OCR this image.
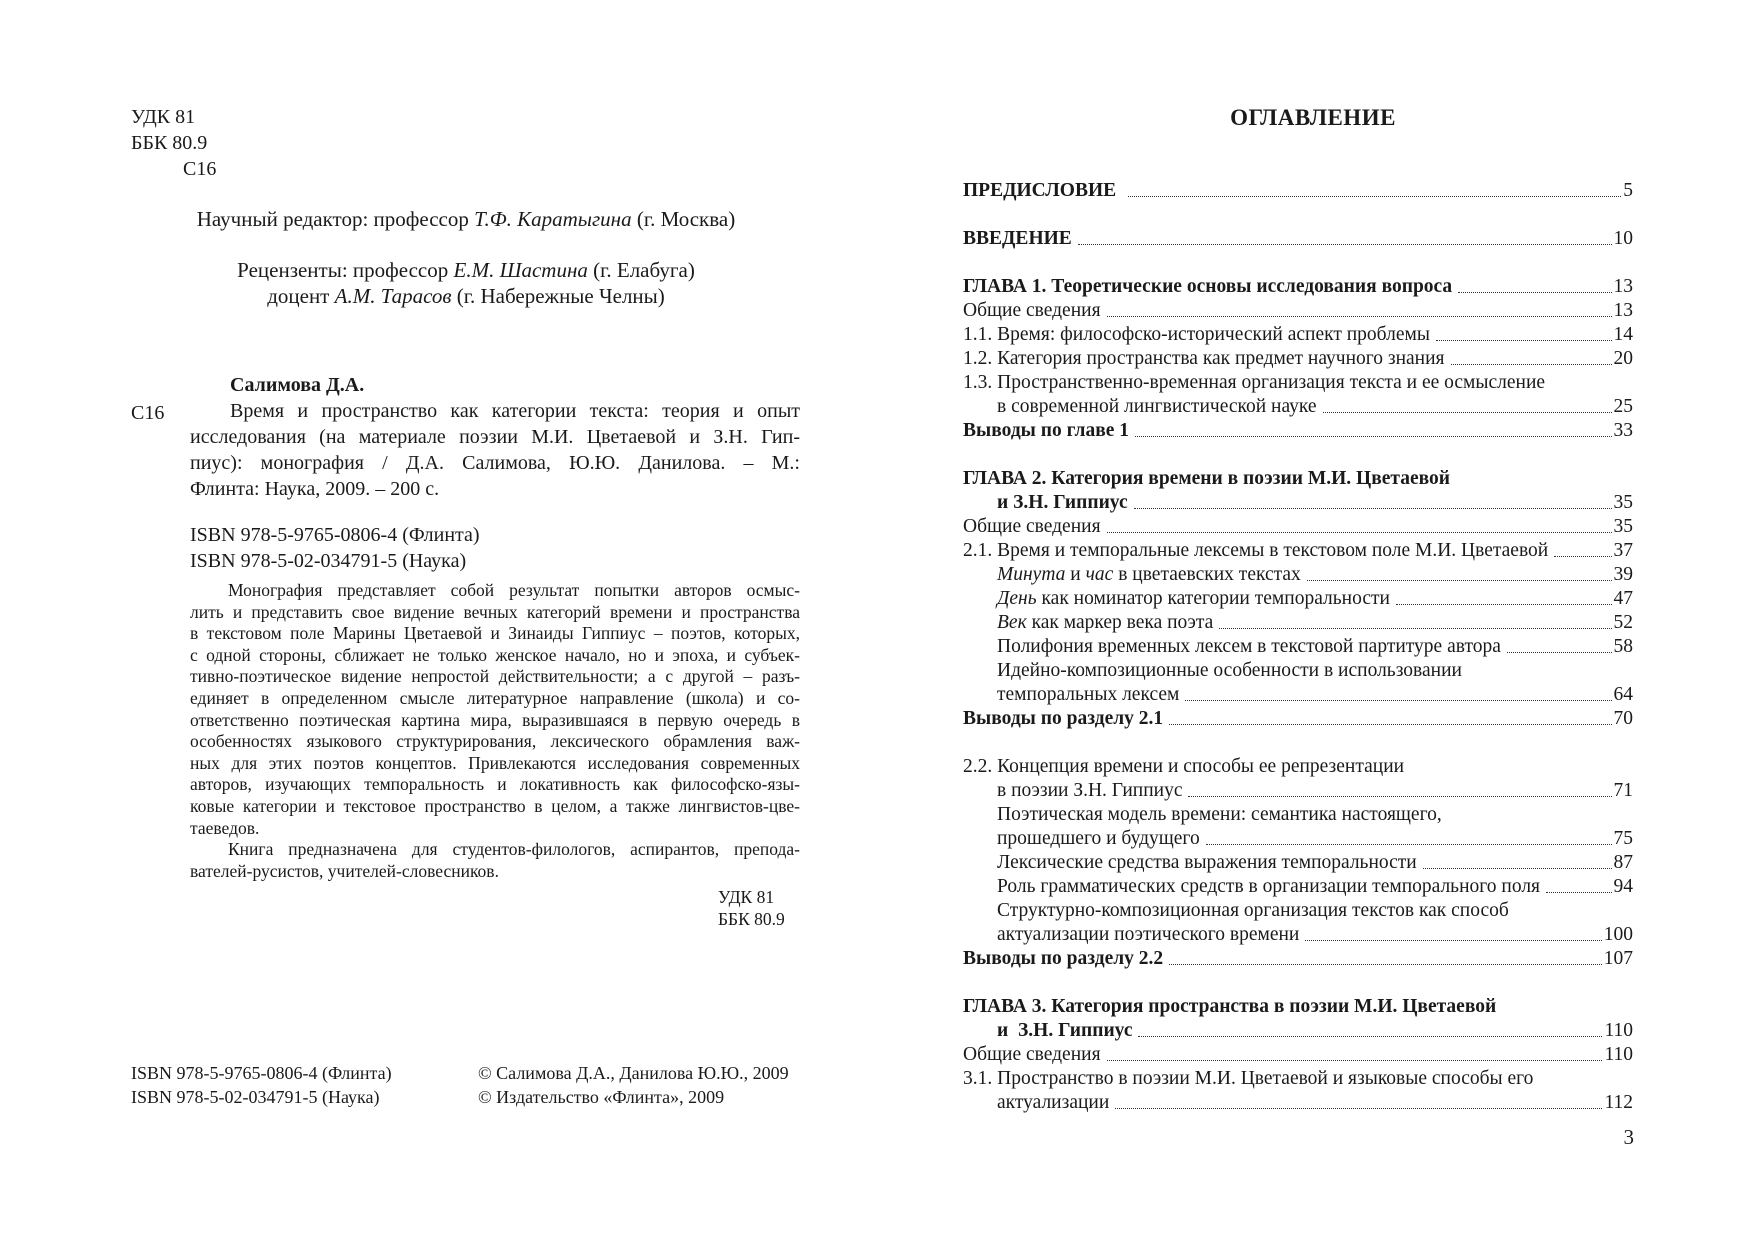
УДК 81
ББК 80.9
С16
Научный редактор: профессор Т.Ф. Каратыгина (г. Москва)
Рецензенты: профессор Е.М. Шастина (г. Елабуга)
доцент А.М. Тарасов (г. Набережные Челны)
Салимова Д.А.
С16	Время и пространство как категории текста: теория и опыт
исследования (на материале поэзии М.И. Цветаевой и З.Н. Гип-
пиус): монография / Д.А. Салимова, Ю.Ю. Данилова. – М.:
Флинта: Наука, 2009. – 200 с.
ISBN 978-5-9765-0806-4 (Флинта)
ISBN 978-5-02-034791-5 (Наука)
Монография представляет собой результат попытки авторов осмыс-
лить и представить свое видение вечных категорий времени и пространства
в текстовом поле Марины Цветаевой и Зинаиды Гиппиус – поэтов, которых,
с одной стороны, сближает не только женское начало, но и эпоха, и субъек-
тивно-поэтическое видение непростой действительности; а с другой – разъ-
единяет в определенном смысле литературное направление (школа) и со-
ответственно поэтическая картина мира, выразившаяся в первую очередь в
особенностях языкового структурирования, лексического обрамления важ-
ных для этих поэтов концептов. Привлекаются исследования современных
авторов, изучающих темпоральность и локативность как философско-язы-
ковые категории и текстовое пространство в целом, а также лингвистов-цве-
таеведов.
Книга предназначена для студентов-филологов, аспирантов, препода-
вателей-русистов, учителей-словесников.
УДК 81
ББК 80.9
ISBN 978-5-9765-0806-4 (Флинта)
ISBN 978-5-02-034791-5 (Наука)
© Салимова Д.А., Данилова Ю.Ю., 2009
© Издательство «Флинта», 2009
ОГЛАВЛЕНИЕ
ПРЕДИСЛОВИЕ	5
ВВЕДЕНИЕ	10
ГЛАВА 1. Теоретические основы исследования вопроса	13
Общие сведения	13
1.1. Время: философско-исторический аспект проблемы	14
1.2. Категория пространства как предмет научного знания	20
1.3. Пространственно-временная организация текста и ее осмысление
в современной лингвистической науке	25
Выводы по главе 1	33
ГЛАВА 2. Категория времени в поэзии М.И. Цветаевой
и З.Н. Гиппиус	35
Общие сведения	35
2.1. Время и темпоральные лексемы в текстовом поле М.И. Цветаевой	37
Минута и час в цветаевских текстах	39
День как номинатор категории темпоральности	47
Век как маркер века поэта	52
Полифония временных лексем в текстовой партитуре автора	58
Идейно-композиционные особенности в использовании
темпоральных лексем	64
Выводы по разделу 2.1	70
2.2. Концепция времени и способы ее репрезентации
в поэзии З.Н. Гиппиус	71
Поэтическая модель времени: семантика настоящего,
прошедшего и будущего	75
Лексические средства выражения темпоральности	87
Роль грамматических средств в организации темпорального поля	94
Структурно-композиционная организация текстов как способ
актуализации поэтического времени	100
Выводы по разделу 2.2	107
ГЛАВА 3. Категория пространства в поэзии М.И. Цветаевой
и  З.Н. Гиппиус	110
Общие сведения	110
3.1. Пространство в поэзии М.И. Цветаевой и языковые способы его
актуализации	112
3
